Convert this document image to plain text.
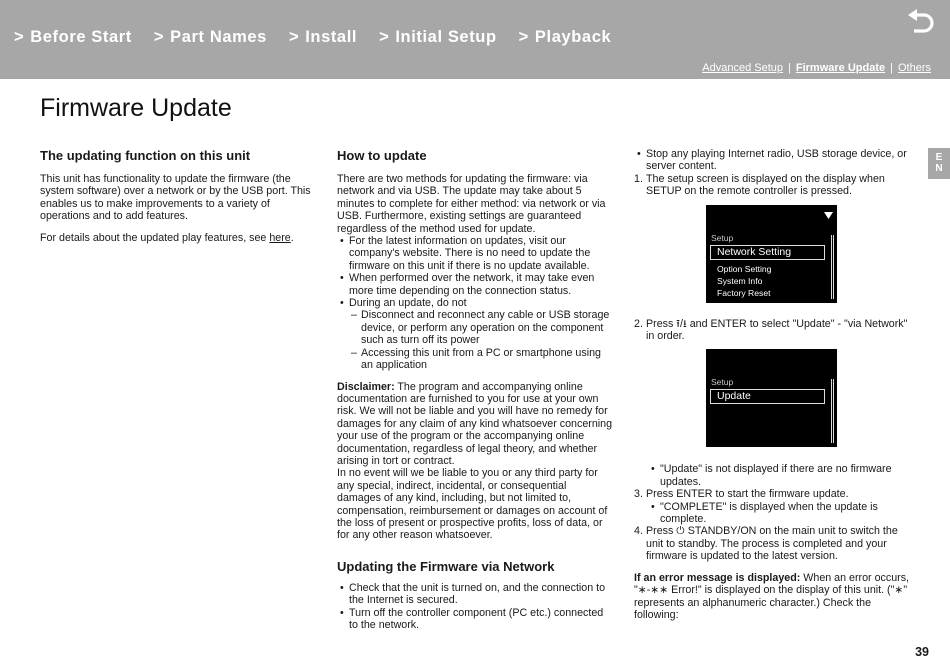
> Before Start > Part Names > Install > Initial Setup > Playback
Advanced Setup | Firmware Update | Others
Firmware Update
The updating function on this unit

This unit has functionality to update the firmware (the system software) over a network or by the USB port. This enables us to make improvements to a variety of operations and to add features.

For details about the updated play features, see here.

How to update
There are two methods for updating the firmware: via network and via USB. The update may take about 5 minutes to complete for either method: via network or via USB. Furthermore, existing settings are guaranteed regardless of the method used for update.
• For the latest information on updates, visit our company's website. There is no need to update the firmware on this unit if there is no update available.
• When performed over the network, it may take even more time depending on the connection status.
• During an update, do not
– Disconnect and reconnect any cable or USB storage device, or perform any operation on the component such as turn off its power
– Accessing this unit from a PC or smartphone using an application
Disclaimer: The program and accompanying online documentation are furnished to you for use at your own risk. We will not be liable and you will have no remedy for damages for any claim of any kind whatsoever concerning your use of the program or the accompanying online documentation, regardless of legal theory, and whether arising in tort or contract.
In no event will we be liable to you or any third party for any special, indirect, incidental, or consequential damages of any kind, including, but not limited to, compensation, reimbursement or damages on account of the loss of present or prospective profits, loss of data, or for any other reason whatsoever.
Updating the Firmware via Network
• Check that the unit is turned on, and the connection to the Internet is secured.
• Turn off the controller component (PC etc.) connected to the network.
• Stop any playing Internet radio, USB storage device, or server content.
1. The setup screen is displayed on the display when SETUP on the remote controller is pressed.
Setup
Network Setting
Option Setting
System Info
Factory Reset
2. Press ⭱/⭳ and ENTER to select "Update" - "via Network" in order.
Setup
Update
• "Update" is not displayed if there are no firmware updates.
3. Press ENTER to start the firmware update.
• "COMPLETE" is displayed when the update is complete.
4. Press ⏻ STANDBY/ON on the main unit to switch the unit to standby. The process is completed and your firmware is updated to the latest version.

If an error message is displayed: When an error occurs, "∗-∗∗ Error!" is displayed on the display of this unit. ("∗" represents an alphanumeric character.) Check the following:

E
N
39
